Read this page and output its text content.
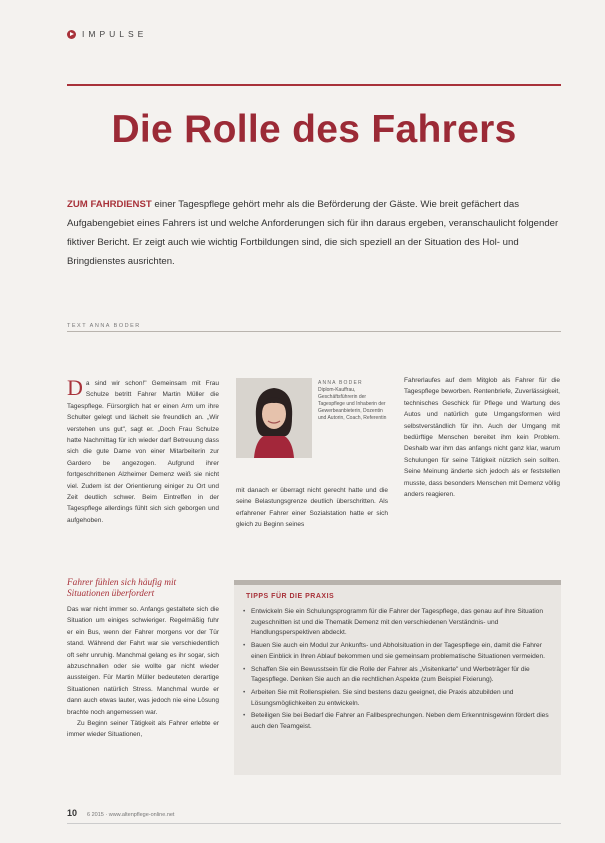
IMPULSE
Die Rolle des Fahrers
ZUM FAHRDIENST einer Tagespflege gehört mehr als die Beförderung der Gäste. Wie breit gefächert das Aufgabengebiet eines Fahrers ist und welche Anforderungen sich für ihn daraus ergeben, veranschaulicht folgender fiktiver Bericht. Er zeigt auch wie wichtig Fortbildungen sind, die sich speziell an der Situation des Hol- und Bringdienstes ausrichten.
TEXT ANNA BODER
Da sind wir schon!" Gemeinsam mit Frau Schulze betritt Fahrer Martin Müller die Tagespflege. Fürsorglich hat er einen Arm um ihre Schulter gelegt und lächelt sie freundlich an. „Wir verstehen uns gut", sagt er. „Doch Frau Schulze hatte Nachmittag für ich wieder darf Betreuung dass sich die gute Dame von einer Mitarbeiterin zur Gardero be angezogen. Aufgrund ihrer fortgeschrittenen Alzheimer Demenz weiß sie nicht viel. Zudem ist der Orientierung einiger zu Ort und Zeit deutlich schwer. Beim Eintreffen in der Tagespflege allerdings fühlt sich sich geborgen und aufgehoben.
ANNA BODER
Diplom-Kauffrau, Geschäftsführerin der Tagespflege und Inhaberin der Gewerbeanbieterin, Dozentin und Autorin, Coach, Referentin
mit danach er überragt nicht gerecht hatte und die seine Belastungsgrenze deutlich überschritten. Als erfahrener Fahrer einer Sozialstation hatte er sich gleich zu Beginn seines
Fahrerlaufes auf dem Mitglob als Fahrer für die Tagespflege beworben. Rentenbriefe, Zuverlässigkeit, technisches Geschick für Pflege und Wartung des Autos und natürlich gute Umgangsformen wird selbstverständlich für ihn. Auch der Umgang mit bedürftige Menschen bereitet ihm kein Problem. Deshalb war ihm das anfangs nicht ganz klar, warum Schulungen für seine Tätigkeit nützlich sein sollten. Seine Meinung änderte sich jedoch als er feststellen musste, dass besonders Menschen mit Demenz völlig anders reagieren.
Fahrer fühlen sich häufig mit Situationen überfordert

Das war nicht immer so. Anfangs gestaltete sich die Situation um einiges schwieriger. Regelmäßig fuhr er ein Bus, wenn der Fahrer morgens vor der Tür stand. Während der Fahrt war sie verschiedentlich oft sehr unruhig. Manchmal gelang es ihr sogar, sich abzuschnallen oder sie wollte gar nicht wieder aussteigen. Für Martin Müller bedeuteten derartige Situationen natürlich Stress. Manchmal wurde er dann auch etwas lauter, was jedoch nie eine Lösung brachte noch angemessen war.

Zu Beginn seiner Tätigkeit als Fahrer erlebte er immer wieder Situationen,

TIPPS FÜR DIE PRAXIS
• Entwickeln Sie ein Schulungsprogramm für die Fahrer der Tagespflege, das genau auf ihre Situation zugeschnitten ist und die Thematik Demenz mit den verschiedenen Verständnis- und Handlungsperspektiven abdeckt.
• Bauen Sie auch ein Modul zur Ankunfts- und Abholsituation in der Tagespflege ein, damit die Fahrer einen Einblick in Ihren Ablauf bekommen und sie gemeinsam problematische Situationen vermeiden.
• Schaffen Sie ein Bewusstsein für die Rolle der Fahrer als „Visitenkarte" und Werbeträger für die Tagespflege. Denken Sie auch an die rechtlichen Aspekte (zum Beispiel Fixierung).
• Arbeiten Sie mit Rollenspielen. Sie sind bestens dazu geeignet, die Praxis abzubilden und Lösungsmöglichkeiten zu entwickeln.
• Beteiligen Sie bei Bedarf die Fahrer an Fallbesprechungen. Neben dem Erkenntnisgewinn fördert dies auch den Teamgeist.
10 6 2015 · www.altenpflege-online.net
